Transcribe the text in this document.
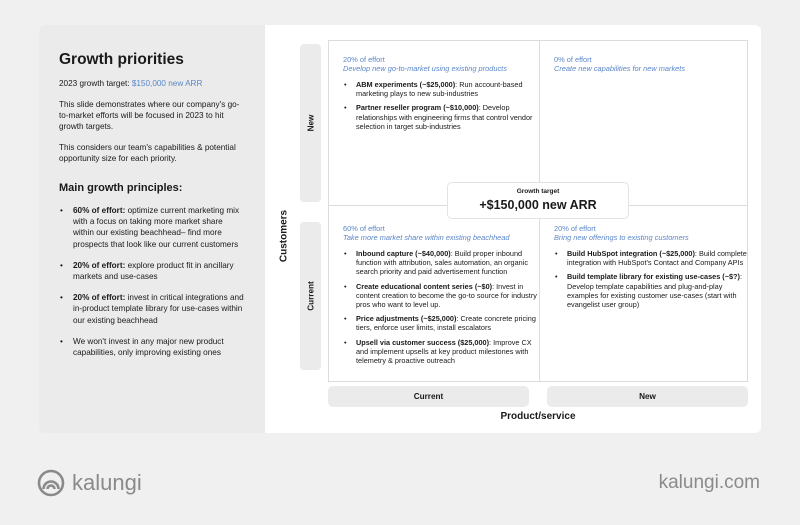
Growth priorities
2023 growth target: $150,000 new ARR

This slide demonstrates where our company's go-to-market efforts will be focused in 2023 to hit growth targets.

This considers our team's capabilities & potential opportunity size for each priority.

Main growth principles:
• 60% of effort: optimize current marketing mix with a focus on taking more market share within our existing beachhead– find more prospects that look like our current customers
• 20% of effort: explore product fit in ancillary markets and use-cases
• 20% of effort: invest in critical integrations and in-product template library for use-cases within our existing beachhead
• We won't invest in any major new product capabilities, only improving existing ones
Customers
New
Current
20% of effort
Develop new go-to-market using existing products
• ABM experiments (~$25,000): Run account-based marketing plays to new sub-industries
• Partner reseller program (~$10,000): Develop relationships with engineering firms that control vendor selection in target sub-industries
0% of effort
Create new capabilities for new markets
60% of effort
Take more market share within existing beachhead
• Inbound capture (~$40,000): Build proper inbound function with attribution, sales automation, an organic search priority and paid advertisement function
• Create educational content series (~$0): Invest in content creation to become the go-to source for industry pros who want to level up.
• Price adjustments (~$25,000): Create concrete pricing tiers, enforce user limits, install escalators
• Upsell via customer success ($25,000): Improve CX and implement upsells at key product milestones with telemetry & proactive outreach
20% of effort
Bring new offerings to existing customers
• Build HubSpot integration (~$25,000): Build complete integration with HubSpot's Contact and Company APIs
• Build template library for existing use-cases (~$?): Develop template capabilities and plug-and-play examples for existing customer use-cases (start with evangelist user group)
Growth target
+$150,000 new ARR
Current	New
Product/service
kalungi	kalungi.com
